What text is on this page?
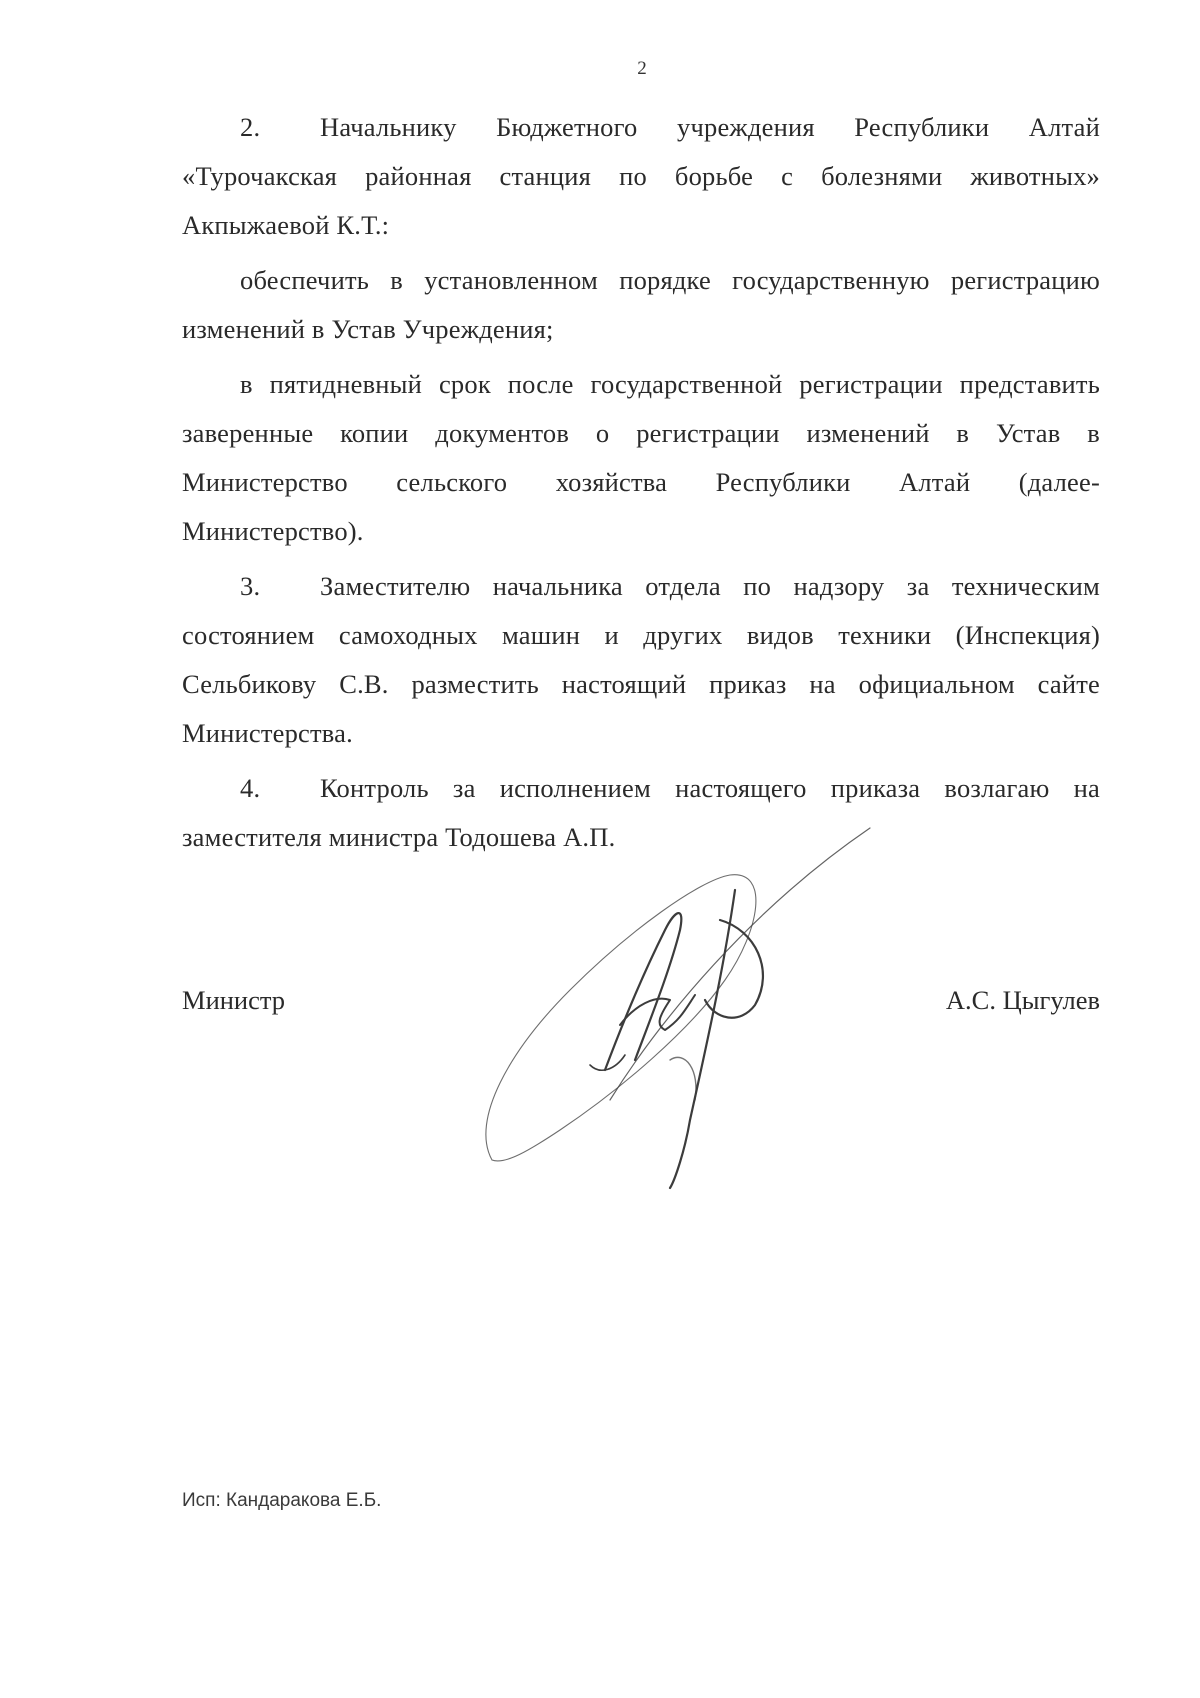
2
2. Начальнику Бюджетного учреждения Республики Алтай
«Турочакская районная станция по борьбе с болезнями животных»
Акпыжаевой К.Т.:
обеспечить в установленном порядке государственную регистрацию
изменений в Устав Учреждения;
в пятидневный срок после государственной регистрации представить
заверенные копии документов о регистрации изменений в Устав в
Министерство сельского хозяйства Республики Алтай (далее-
Министерство).
3. Заместителю начальника отдела по надзору за техническим
состоянием самоходных машин и других видов техники (Инспекция)
Сельбикову С.В. разместить настоящий приказ на официальном сайте
Министерства.
4. Контроль за исполнением настоящего приказа возлагаю на
заместителя министра Тодошева А.П.
Министр	А.С. Цыгулев
Исп: Кандаракова Е.Б.
